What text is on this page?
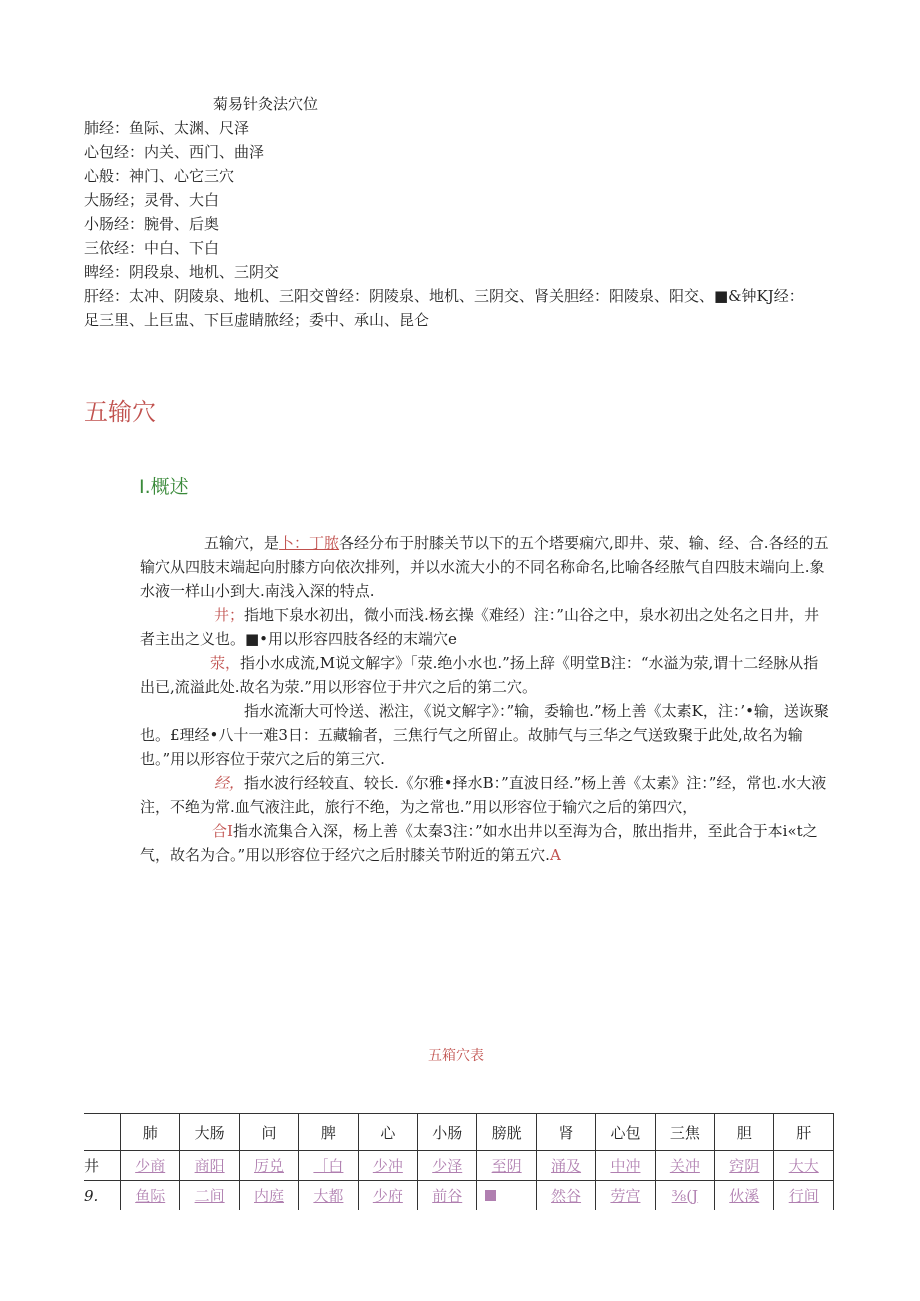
菊易针灸法穴位
肺经：鱼际、太渊、尺泽
心包经：内关、西门、曲泽
心般：神门、心它三穴
大肠经；灵骨、大白
小肠经：腕骨、后奥
三依经：中白、下白
睥经：阴段泉、地机、三阴交
肝经：太冲、阴陵泉、地机、三阳交曾经：阴陵泉、地机、三阴交、肾关胆经：阳陵泉、阳交、■&钟KJ经：
足三里、上巨盅、下巨虚睛脓经；委中、承山、昆仑
五输穴
I.概述
五输穴，是卜：丁脓各经分布于肘膝关节以下的五个塔要痫穴,即井、荥、输、经、合.各经的五输穴从四肢末端起向肘膝方向依次排列，并以水流大小的不同名称命名,比喻各经脓气自四肢末端向上.象水液一样山小到大.南浅入深的特点.
井；指地下泉水初出，微小而浅.杨玄操《难经）注：”山谷之中，泉水初出之处名之日井，井者主出之义也。■•用以形容四肢各经的末端穴e
荥，指小水成流,M说文解字》「荥.绝小水也.”扬上辞《明堂B注：“水溢为荥,谓十二经脉从指出已,流溢此处.故名为荥.”用以形容位于井穴之后的第二穴。
指水流渐大可怜送、淞注，《说文解字》：”输，委输也.”杨上善《太素K，注：’•输，送诙聚也。£理经•八十一难3日：五藏输者，三焦行气之所留止。故肺气与三华之气送致聚于此处,故名为输也。”用以形容位于荥穴之后的第三穴.
经，指水波行经较直、较长.《尔雅•择水B：”直波日经.”杨上善《太素》注：”经，常也.水大液注，不绝为常.血气液注此，旅行不绝，为之常也.”用以形容位于输穴之后的第四穴，
合I指水流集合入深，杨上善《太秦3注：”如水出井以至海为合，脓出指井，至此合于本i«t之气，故名为合。”用以形容位于经穴之后肘膝关节附近的第五穴.A
五箱穴表
	肺	大肠	问	脾	心	小肠	膀胱	肾	心包	三焦	胆	肝
井	少商	商阳	厉兑	［白	少冲	少泽	至阴	涌及	中冲	关冲	窍阴	大大
9.	鱼际	二间	内庭	大都	少府	前谷		然谷	劳宫	⅜(J	伙溪	行间
